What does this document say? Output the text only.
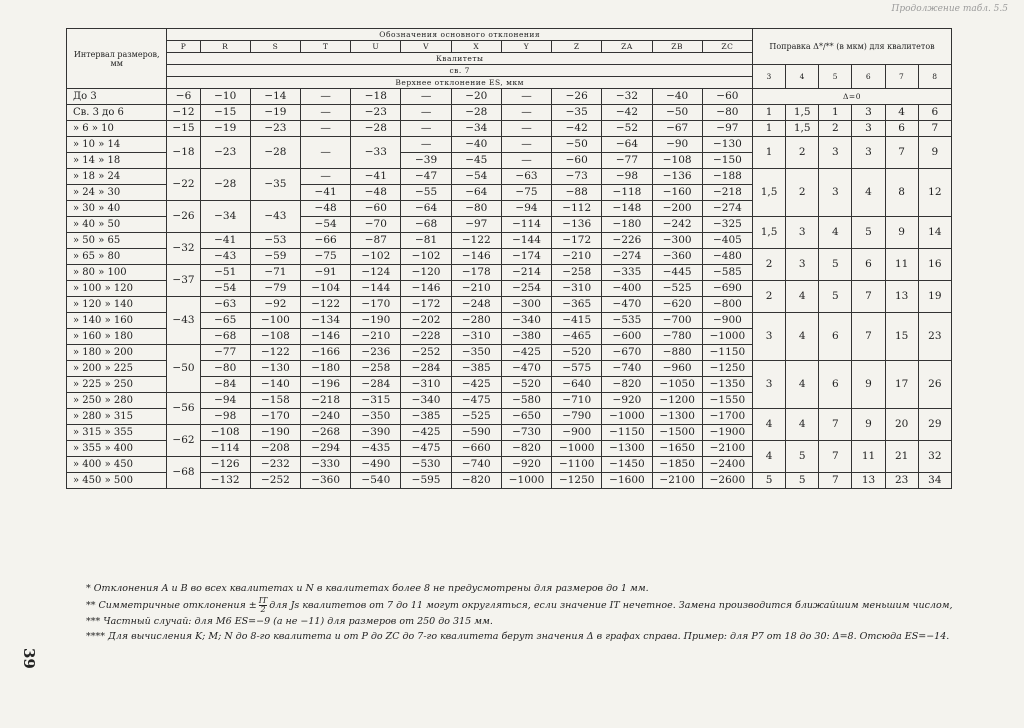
Продолжение табл. 5.5
39
Интервал размеров, мм	Обозначения основного отклонения												Поправка Δ*/** (в мкм) для квалитетов					
	P	R	S	T	U	V	X	Y	Z	ZA	ZB	ZC						
	Квалитеты																	
	св. 7												3	4	5	6	7	8
	Верхнее отклонение ES, мкм																	
До 3	−6	−10	−14	—	−18	—	−20	—	−26	−32	−40	−60	Δ=0					
Св. 3 до 6	−12	−15	−19	—	−23	—	−28	—	−35	−42	−50	−80	1	1,5	1	3	4	6
» 6 » 10	−15	−19	−23	—	−28	—	−34	—	−42	−52	−67	−97	1	1,5	2	3	6	7
» 10 » 14	−18	−23	−28	—	−33	—	−40	—	−50	−64	−90	−130	1	2	3	3	7	9
» 14 » 18						−39	−45	—	−60	−77	−108	−150						
» 18 » 24	−22	−28	−35	—	−41	−47	−54	−63	−73	−98	−136	−188	1,5	2	3	4	8	12
» 24 » 30				−41	−48	−55	−64	−75	−88	−118	−160	−218						
» 30 » 40	−26	−34	−43	−48	−60	−64	−80	−94	−112	−148	−200	−274						
» 40 » 50				−54	−70	−68	−97	−114	−136	−180	−242	−325	1,5	3	4	5	9	14
» 50 » 65	−32	−41	−53	−66	−87	−81	−122	−144	−172	−226	−300	−405						
» 65 » 80		−43	−59	−75	−102	−102	−146	−174	−210	−274	−360	−480	2	3	5	6	11	16
» 80 » 100	−37	−51	−71	−91	−124	−120	−178	−214	−258	−335	−445	−585						
» 100 » 120		−54	−79	−104	−144	−146	−210	−254	−310	−400	−525	−690	2	4	5	7	13	19
» 120 » 140	−43	−63	−92	−122	−170	−172	−248	−300	−365	−470	−620	−800						
» 140 » 160		−65	−100	−134	−190	−202	−280	−340	−415	−535	−700	−900	3	4	6	7	15	23
» 160 » 180		−68	−108	−146	−210	−228	−310	−380	−465	−600	−780	−1000						
» 180 » 200	−50	−77	−122	−166	−236	−252	−350	−425	−520	−670	−880	−1150						
» 200 » 225		−80	−130	−180	−258	−284	−385	−470	−575	−740	−960	−1250	3	4	6	9	17	26
» 225 » 250		−84	−140	−196	−284	−310	−425	−520	−640	−820	−1050	−1350						
» 250 » 280	−56	−94	−158	−218	−315	−340	−475	−580	−710	−920	−1200	−1550						
» 280 » 315		−98	−170	−240	−350	−385	−525	−650	−790	−1000	−1300	−1700	4	4	7	9	20	29
» 315 » 355	−62	−108	−190	−268	−390	−425	−590	−730	−900	−1150	−1500	−1900						
» 355 » 400		−114	−208	−294	−435	−475	−660	−820	−1000	−1300	−1650	−2100	4	5	7	11	21	32
» 400 » 450	−68	−126	−232	−330	−490	−530	−740	−920	−1100	−1450	−1850	−2400						
» 450 » 500		−132	−252	−360	−540	−595	−820	−1000	−1250	−1600	−2100	−2600	5	5	7	13	23	34
* Отклонения A и B во всех квалитетах и N в квалитетах более 8 не предусмотрены для размеров до 1 мм.
** Симметричные отклонения ± $\frac{IT}{2}$ для Js квалитетов от 7 до 11 могут округляться, если значение IT нечетное. Замена производится ближайшим меньшим числом,
*** Частный случай: для M6 ES=−9 (а не −11) для размеров от 250 до 315 мм.
**** Для вычисления K; M; N до 8-го квалитета и от P до ZC до 7-го квалитета берут значения Δ в графах справа. Пример: для P7 от 18 до 30: Δ=8. Отсюда ES=−14.
